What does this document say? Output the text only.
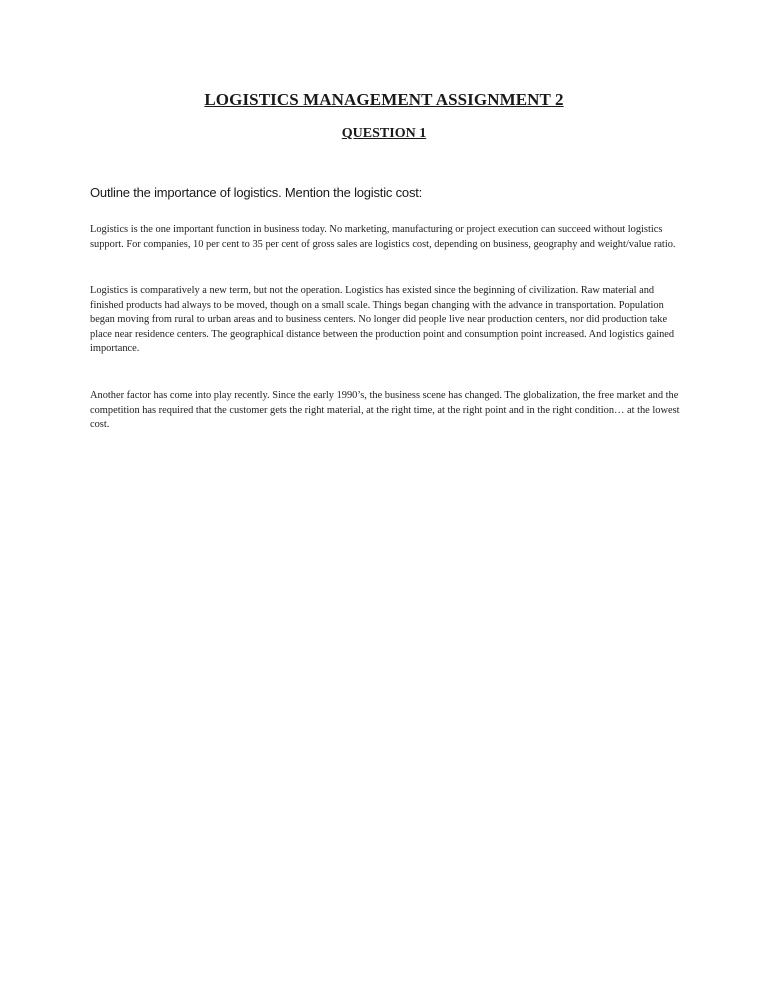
LOGISTICS MANAGEMENT ASSIGNMENT 2
QUESTION 1
Outline the importance of logistics. Mention the logistic cost:
Logistics is the one important function in business today. No marketing, manufacturing or project execution can succeed without logistics support. For companies, 10 per cent to 35 per cent of gross sales are logistics cost, depending on business, geography and weight/value ratio.
Logistics is comparatively a new term, but not the operation. Logistics has existed since the beginning of civilization. Raw material and finished products had always to be moved, though on a small scale. Things began changing with the advance in transportation. Population began moving from rural to urban areas and to business centers. No longer did people live near production centers, nor did production take place near residence centers. The geographical distance between the production point and consumption point increased. And logistics gained importance.
Another factor has come into play recently. Since the early 1990’s, the business scene has changed. The globalization, the free market and the competition has required that the customer gets the right material, at the right time, at the right point and in the right condition… at the lowest cost.
